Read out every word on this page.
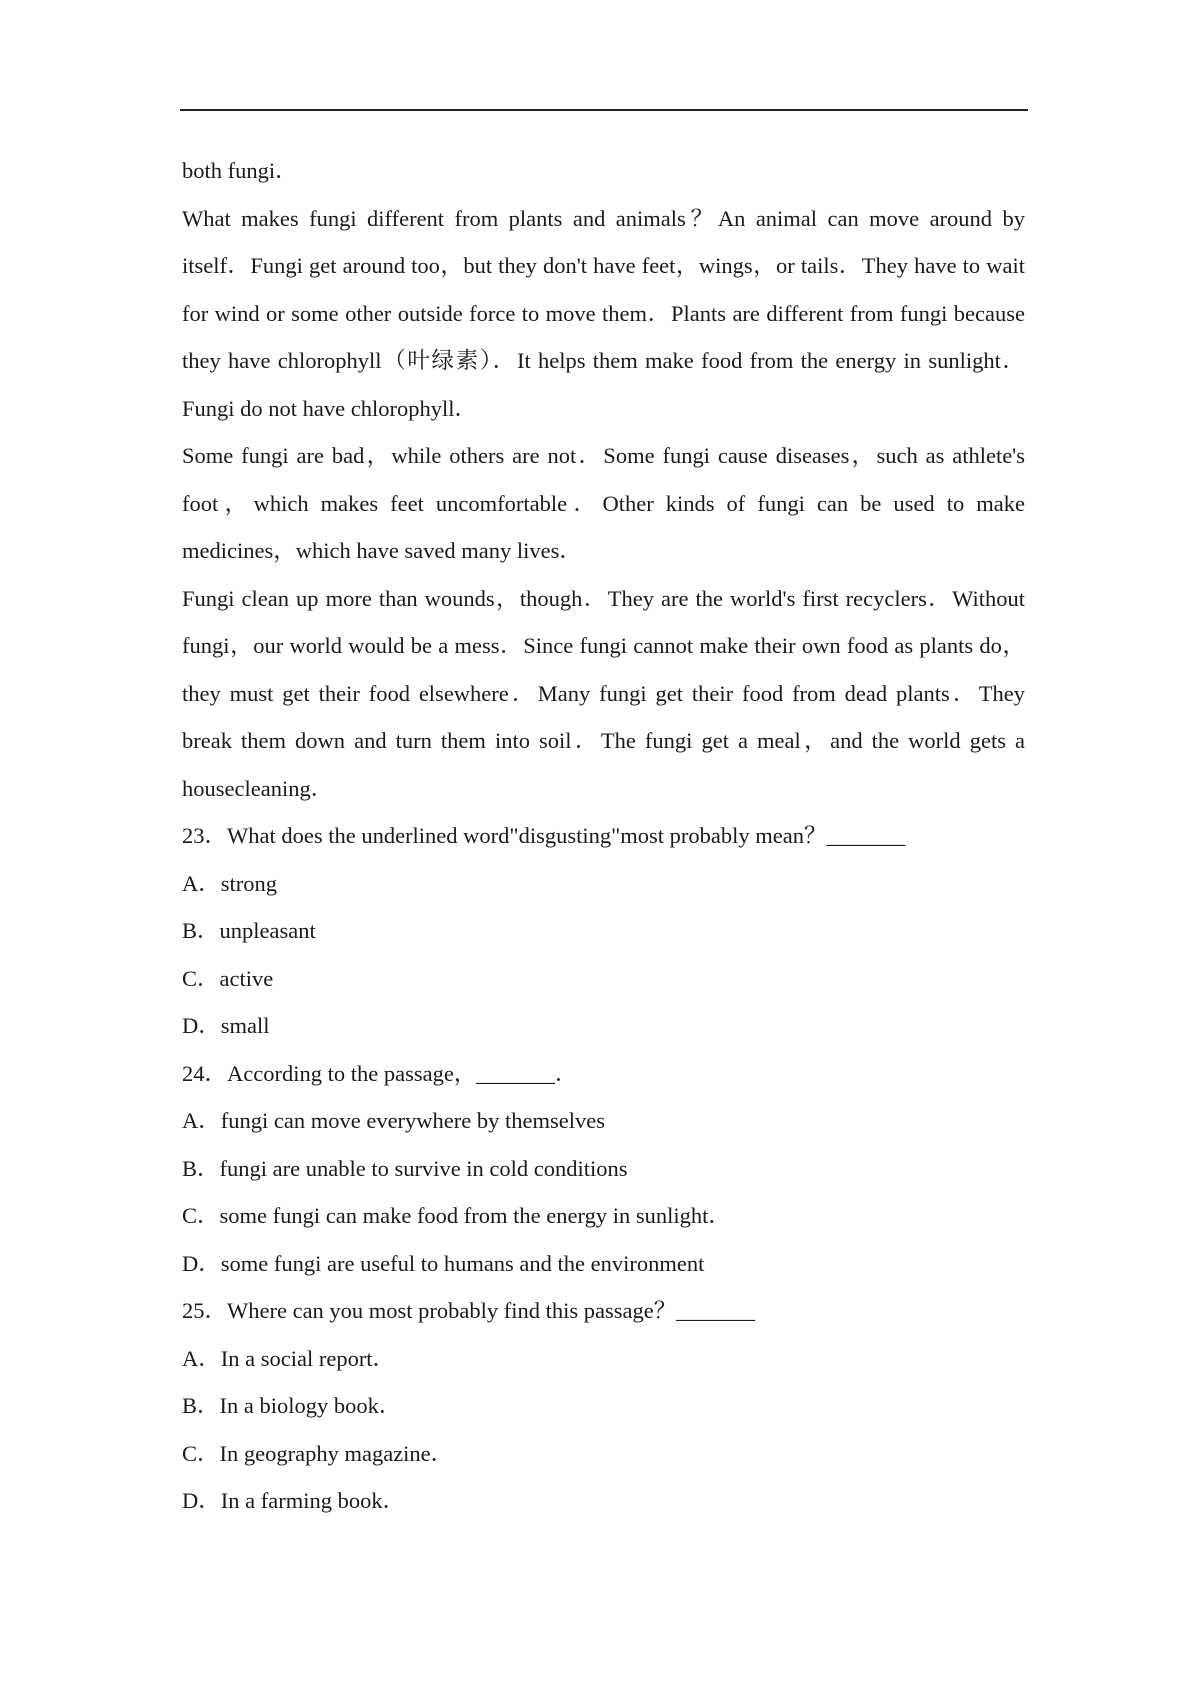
both fungi．

What makes fungi different from plants and animals？An animal can move around by itself．Fungi get around too，but they don't have feet，wings，or tails．They have to wait for wind or some other outside force to move them．Plants are different from fungi because they have chlorophyll（叶绿素）．It helps them make food from the energy in sunlight．Fungi do not have chlorophyll．

Some fungi are bad，while others are not．Some fungi cause diseases，such as athlete's foot，which makes feet uncomfortable．Other kinds of fungi can be used to make medicines，which have saved many lives．

Fungi clean up more than wounds，though．They are the world's first recyclers．Without fungi，our world would be a mess．Since fungi cannot make their own food as plants do，they must get their food elsewhere．Many fungi get their food from dead plants．They break them down and turn them into soil．The fungi get a meal，and the world gets a housecleaning．

23．What does the underlined word"disgusting"most probably mean？_______

A．strong

B．unpleasant

C．active

D．small

24．According to the passage，_______．

A．fungi can move everywhere by themselves

B．fungi are unable to survive in cold conditions

C．some fungi can make food from the energy in sunlight．

D．some fungi are useful to humans and the environment

25．Where can you most probably find this passage？_______

A．In a social report．

B．In a biology book．

C．In geography magazine．

D．In a farming book．
